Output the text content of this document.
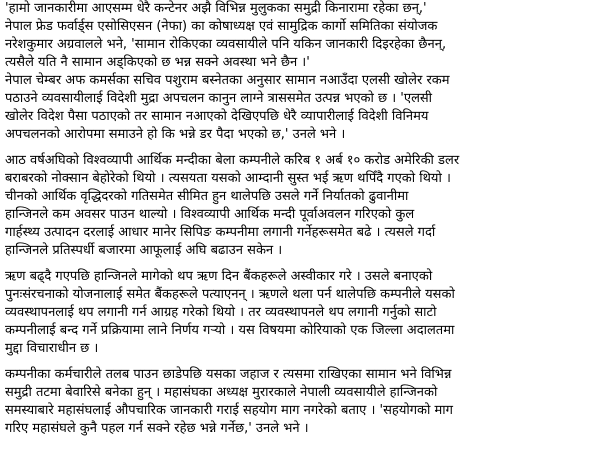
'हामो जानकारीमा आएसम्म धेरै कन्टेनर अझै विभिन्न मुलुकका समुद्री किनारामा रहेका छन्,'
नेपाल फ्रेड फर्वार्ड्स एसोसिएसन (नेफा) का कोषाध्यक्ष एवं सामुद्रिक कार्गो समितिका संयोजक
नरेशकुमार अग्रवालले भने, 'सामान रोकिएका व्यवसायीले पनि यकिन जानकारी दिइरहेका छैनन्,
त्यसैले यति नै सामान अड्किएको छ भन्न सक्ने अवस्था भने छैन ।'
नेपाल चेम्बर अफ कमर्सका सचिव पशुराम बस्नेतका अनुसार सामान नआउँदा एलसी खोलेर रकम
पठाउने व्यवसायीलाई विदेशी मुद्रा अपचलन कानुन लाग्ने त्राससमेत उत्पन्न भएको छ । 'एलसी
खोलेर विदेश पैसा पठाएको तर सामान नआएको देखिएपछि धेरै व्यापारीलाई विदेशी विनिमय
अपचलनको आरोपमा समाउने हो कि भन्ने डर पैदा भएको छ,' उनले भने ।
आठ वर्षअघिको विश्वव्यापी आर्थिक मन्दीका बेला कम्पनीले करिब १ अर्ब १० करोड अमेरिकी डलर
बराबरको नोक्सान बेहोरेको थियो । त्यसयता यसको आम्दानी सुस्त भई ऋण थपिँदै गएको थियो ।
चीनको आर्थिक वृद्धिदरको गतिसमेत सीमित हुन थालेपछि उसले गर्ने निर्यातको ढुवानीमा
हान्जिनले कम अवसर पाउन थाल्यो । विश्वव्यापी आर्थिक मन्दी पूर्वाअवलन गरिएको कुल
गार्हस्थ्य उत्पादन दरलाई आधार मानेर सिपिङ कम्पनीमा लगानी गर्नेहरूसमेत बढे । त्यसले गर्दा
हान्जिनले प्रतिस्पर्धी बजारमा आफूलाई अघि बढाउन सकेन ।
ऋण बढ्दै गएपछि हान्जिनले मागेको थप ऋण दिन बैंकहरूले अस्वीकार गरे । उसले बनाएको
पुनःसंरचनाको योजनालाई समेत बैंकहरूले पत्याएनन् । ऋणले थला पर्न थालेपछि कम्पनीले यसको
व्यवस्थापनलाई थप लगानी गर्न आग्रह गरेको थियो । तर व्यवस्थापनले थप लगानी गर्नुको साटो
कम्पनीलाई बन्द गर्ने प्रक्रियामा लाने निर्णय गर्‍यो । यस विषयमा कोरियाको एक जिल्ला अदालतमा
मुद्दा विचाराधीन छ ।
कम्पनीका कर्मचारीले तलब पाउन छाडेपछि यसका जहाज र त्यसमा राखिएका सामान भने विभिन्न
समुद्री तटमा बेवारिसे बनेका हुन् । महासंघका अध्यक्ष मुरारकाले नेपाली व्यवसायीले हान्जिनको
समस्याबारे महासंघलाई औपचारिक जानकारी गराई सहयोग माग नगरेको बताए । 'सहयोगको माग
गरिए महासंघले कुनै पहल गर्न सक्ने रहेछ भन्ने गर्नेछ,' उनले भने ।
